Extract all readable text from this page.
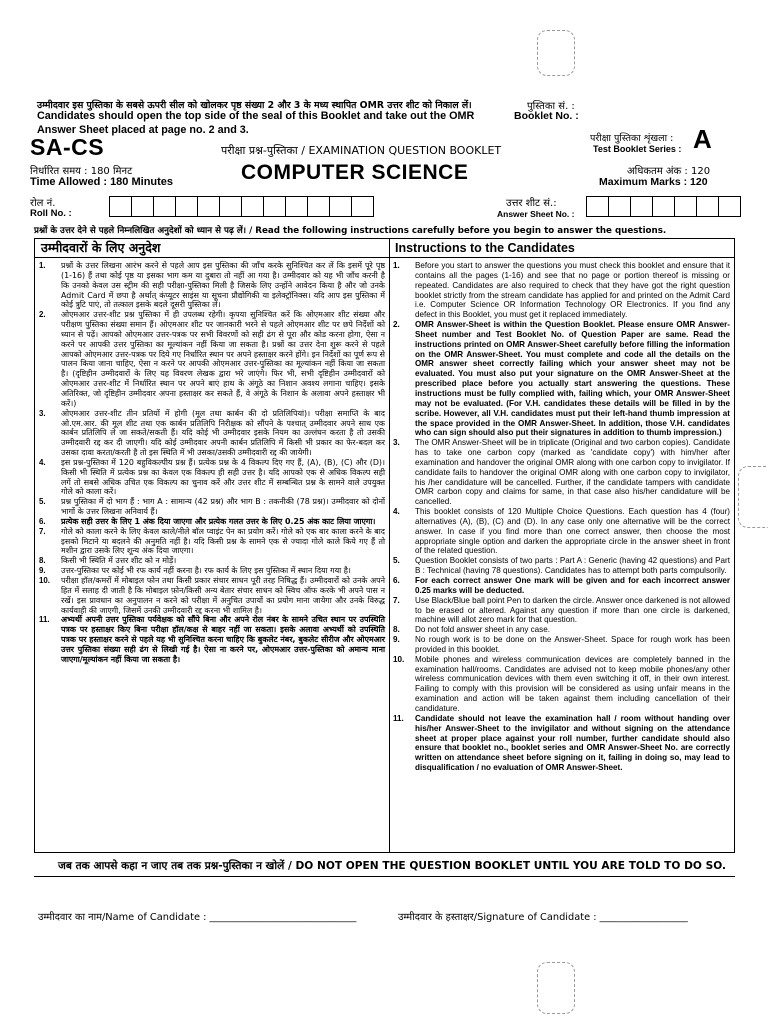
उम्मीदवार इस पुस्तिका के सबसे ऊपरी सील को खोलकर पृष्ठ संख्या 2 और 3 के मध्य स्थापित OMR उत्तर शीट को निकाल लें।
Candidates should open the top side of the seal of this Booklet and take out the OMR Answer Sheet placed at page no. 2 and 3.
पुस्तिका सं. :
Booklet No. :
परीक्षा पुस्तिका शृंखला :
Test Booklet Series : A
SA-CS	परीक्षा प्रश्न-पुस्तिका / EXAMINATION QUESTION BOOKLET
निर्धारित समय : 180 मिनट
Time Allowed : 180 Minutes	COMPUTER SCIENCE	अधिकतम अंक : 120
Maximum Marks : 120
रोल नं.
Roll No. :
उत्तर शीट सं.:
Answer Sheet No. :
प्रश्नों के उत्तर देने से पहले निम्नलिखित अनुदेशों को ध्यान से पढ़ लें। / Read the following instructions carefully before you begin to answer the questions.
उम्मीदवारों के लिए अनुदेश
1.	प्रश्नों के उत्तर लिखना आरंभ करने से पहले आप इस पुस्तिका की जाँच करके सुनिश्चित कर लें कि इसमें पूरे पृष्ठ (1-16) हैं तथा कोई पृष्ठ या इसका भाग कम या दुबारा तो नहीं आ गया है। उम्मीदवार को यह भी जाँच करनी है कि उनको केवल उस स्ट्रीम की सही परीक्षा-पुस्तिका मिली है जिसके लिए उन्होंने आवेदन किया है और जो उनके Admit Card में छपा है अर्थात् कंप्यूटर साइंस या सूचना प्रौद्योगिकी या इलेक्ट्रॉनिक्स। यदि आप इस पुस्तिका में कोई त्रुटि पाएं, तो तत्काल इसके बदले दूसरी पुस्तिका लें।
2.	ओएमआर उत्तर-शीट प्रश्न पुस्तिका में ही उपलब्ध रहेगी। कृपया सुनिश्चित करें कि ओएमआर शीट संख्या और परीक्षण पुस्तिका संख्या समान हैं। ओएमआर शीट पर जानकारी भरने से पहले ओएमआर शीट पर छपे निर्देशों को ध्यान से पढ़ें। आपको ओएमआर उत्तर-पत्रक पर सभी विवरणों को सही ढंग से पूरा और कोड करना होगा, ऐसा न करने पर आपकी उत्तर पुस्तिका का मूल्यांकन नहीं किया जा सकता है। प्रश्नों का उत्तर देना शुरू करने से पहले आपको ओएमआर उत्तर-पत्रक पर दिये गए निर्धारित स्थान पर अपने हस्ताक्षर करने होंगे। इन निर्देशों का पूर्ण रूप से पालन किया जाना चाहिए, ऐसा न करने पर आपकी ओएमआर उत्तर-पुस्तिका का मूल्यांकन नहीं किया जा सकता है। (दृष्टिहीन उम्मीदवारों के लिए यह विवरण लेखक द्वारा भरे जाएंगे। फिर भी, सभी दृष्टिहीन उम्मीदवारों को ओएमआर उत्तर-शीट में निर्धारित स्थान पर अपने बाएं हाथ के अंगूठे का निशान अवश्य लगाना चाहिए। इसके अतिरिक्त, जो दृष्टिहीन उम्मीदवार अपना हस्ताक्षर कर सकते हैं, वे अंगूठे के निशान के अलावा अपने हस्ताक्षर भी करें।)
3.	ओएमआर उत्तर-शीट तीन प्रतियों में होगी (मूल तथा कार्बन की दो प्रतिलिपियां)। परीक्षा समाप्ति के बाद ओ.एम.आर. की मूल शीट तथा एक कार्बन प्रतिलिपि निरीक्षक को सौंपने के पश्चात् उम्मीदवार अपने साथ एक कार्बन प्रतिलिपि ले जा सकते/सकती हैं। यदि कोई भी उम्मीदवार इसके नियम का उल्लंघन करता है तो उसकी उम्मीदवारी रद्द कर दी जाएगी। यदि कोई उम्मीदवार अपनी कार्बन प्रतिलिपि में किसी भी प्रकार का फेर-बदल कर उसका दावा करता/करती है तो इस स्थिति में भी उसका/उसकी उम्मीदवारी रद्द की जायेगी।
4.	इस प्रश्न-पुस्तिका में 120 बहुविकल्पीय प्रश्न हैं। प्रत्येक प्रश्न के 4 विकल्प दिए गए हैं, (A), (B), (C) और (D)। किसी भी स्थिति में प्रत्येक प्रश्न का केवल एक विकल्प ही सही उत्तर है। यदि आपको एक से अधिक विकल्प सही लगें तो सबसे अधिक उचित एक विकल्प का चुनाव करें और उत्तर शीट में सम्बन्धित प्रश्न के सामने वाले उपयुक्त गोले को काला करें।
5.	प्रश्न पुस्तिका में दो भाग हैं : भाग A : सामान्य (42 प्रश्न) और भाग B : तकनीकी (78 प्रश्न)। उम्मीदवार को दोनों भागों के उत्तर लिखना अनिवार्य हैं।
6.	प्रत्येक सही उत्तर के लिए 1 अंक दिया जाएगा और प्रत्येक गलत उत्तर के लिए 0.25 अंक काट लिया जाएगा।
7.	गोले को काला करने के लिए केवल काले/नीले बॉल प्वाइंट पेन का प्रयोग करें। गोले को एक बार काला करने के बाद इसको मिटाने या बदलने की अनुमति नहीं है। यदि किसी प्रश्न के सामने एक से ज्यादा गोले काले किये गए हैं तो मशीन द्वारा उसके लिए शून्य अंक दिया जाएगा।
8.	किसी भी स्थिति में उत्तर शीट को न मोड़ें।
9.	उत्तर-पुस्तिका पर कोई भी रफ कार्य नहीं करना है। रफ कार्य के लिए इस पुस्तिका में स्थान दिया गया है।
10.	परीक्षा हॉल/कमरों में मोबाइल फोन तथा किसी प्रकार संचार साधन पूरी तरह निषिद्ध हैं। उम्मीदवारों को उनके अपने हित में सलाह दी जाती है कि मोबाइल फ़ोन/किसी अन्य बेतार संचार साधन को स्विच ऑफ करके भी अपने पास न रखें। इस प्रावधान का अनुपालन न करने को परीक्षा में अनुचित उपायों का प्रयोग माना जायेगा और उनके विरुद्ध कार्यवाही की जाएगी, जिसमें उनकी उम्मीदवारी रद्द करना भी शामिल है।
11.	अभ्यर्थी अपनी उत्तर पुस्तिका पर्यवेक्षक को सौंपे बिना और अपने रोल नंबर के सामने उचित स्थान पर उपस्थिति पत्रक पर हस्ताक्षर किए बिना परीक्षा हॉल/कक्ष से बाहर नहीं जा सकता। इसके अलावा अभ्यर्थी को उपस्थिति पत्रक पर हस्ताक्षर करने से पहले यह भी सुनिश्चित करना चाहिए कि बुकलेट नंबर, बुकलेट सीरीज और ओएमआर उत्तर पुस्तिका संख्या सही ढंग से लिखी गई है। ऐसा ना करने पर, ओएमआर उत्तर-पुस्तिका को अमान्य माना जाएगा/मूल्यांकन नहीं किया जा सकता है।
Instructions to the Candidates
1.	Before you start to answer the questions you must check this booklet and ensure that it contains all the pages (1-16) and see that no page or portion thereof is missing or repeated. Candidates are also required to check that they have got the right question booklet strictly from the stream candidate has applied for and printed on the Admit Card i.e. Computer Science OR Information Technology OR Electronics. If you find any defect in this Booklet, you must get it replaced immediately.
2.	OMR Answer-Sheet is within the Question Booklet. Please ensure OMR Answer-Sheet number and Test Booklet No. of Question Paper are same. Read the instructions printed on OMR Answer-Sheet carefully before filling the information on the OMR Answer-Sheet. You must complete and code all the details on the OMR answer sheet correctly failing which your answer sheet may not be evaluated. You must also put your signature on the OMR Answer-Sheet at the prescribed place before you actually start answering the questions. These instructions must be fully complied with, failing which, your OMR Answer-Sheet may not be evaluated. (For V.H. candidates these details will be filled in by the scribe. However, all V.H. candidates must put their left-hand thumb impression at the space provided in the OMR Answer-Sheet. In addition, those V.H. candidates who can sign should also put their signatures in addition to thumb impression.)
3.	The OMR Answer-Sheet will be in triplicate (Original and two carbon copies). Candidate has to take one carbon copy (marked as 'candidate copy') with him/her after examination and handover the original OMR along with one carbon copy to invigilator. If candidate fails to handover the original OMR along with one carbon copy to invigilator, his /her candidature will be cancelled. Further, if the candidate tampers with candidate OMR carbon copy and claims for same, in that case also his/her candidature will be cancelled.
4.	This booklet consists of 120 Multiple Choice Questions. Each question has 4 (four) alternatives (A), (B), (C) and (D). In any case only one alternative will be the correct answer. In case if you find more than one correct answer, then choose the most appropriate single option and darken the appropriate circle in the answer sheet in front of the related question.
5.	Question Booklet consists of two parts : Part A : Generic (having 42 questions) and Part B : Technical (having 78 questions). Candidates has to attempt both parts compulsorily.
6.	For each correct answer One mark will be given and for each incorrect answer 0.25 marks will be deducted.
7.	Use Black/Blue ball point Pen to darken the circle. Answer once darkened is not allowed to be erased or altered. Against any question if more than one circle is darkened, machine will allot zero mark for that question.
8.	Do not fold answer sheet in any case.
9.	No rough work is to be done on the Answer-Sheet. Space for rough work has been provided in this booklet.
10.	Mobile phones and wireless communication devices are completely banned in the examination hall/rooms. Candidates are advised not to keep mobile phones/any other wireless communication devices with them even switching it off, in their own interest. Failing to comply with this provision will be considered as using unfair means in the examination and action will be taken against them including cancellation of their candidature.
11.	Candidate should not leave the examination hall / room without handing over his/her Answer-Sheet to the invigilator and without signing on the attendance sheet at proper place against your roll number, further candidate should also ensure that booklet no., booklet series and OMR Answer-Sheet No. are correctly written on attendance sheet before signing on it, failing in doing so, may lead to disqualification / no evaluation of OMR Answer-Sheet.
जब तक आपसे कहा न जाए तब तक प्रश्न-पुस्तिका न खोलें / DO NOT OPEN THE QUESTION BOOKLET UNTIL YOU ARE TOLD TO DO SO.
उम्मीदवार का नाम/Name of Candidate : ______________________________	उम्मीदवार के हस्ताक्षर/Signature of Candidate : __________________
